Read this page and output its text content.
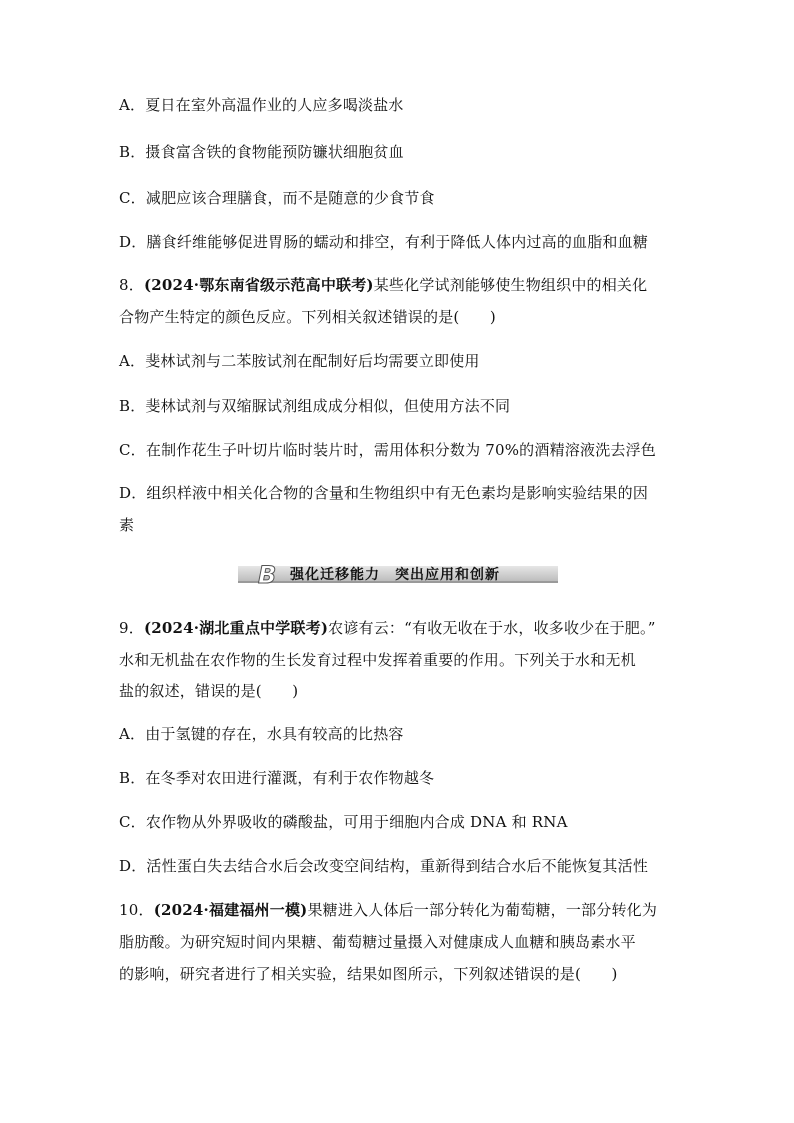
A．夏日在室外高温作业的人应多喝淡盐水
B．摄食富含铁的食物能预防镰状细胞贫血
C．减肥应该合理膳食，而不是随意的少食节食
D．膳食纤维能够促进胃肠的蠕动和排空，有利于降低人体内过高的血脂和血糖
8．(2024·鄂东南省级示范高中联考)某些化学试剂能够使生物组织中的相关化
合物产生特定的颜色反应。下列相关叙述错误的是(　　)
A．斐林试剂与二苯胺试剂在配制好后均需要立即使用
B．斐林试剂与双缩脲试剂组成成分相似，但使用方法不同
C．在制作花生子叶切片临时装片时，需用体积分数为 70%的酒精溶液洗去浮色
D．组织样液中相关化合物的含量和生物组织中有无色素均是影响实验结果的因
素
B 强化迁移能力　突出应用和创新
9．(2024·湖北重点中学联考)农谚有云：“有收无收在于水，收多收少在于肥。”
水和无机盐在农作物的生长发育过程中发挥着重要的作用。下列关于水和无机
盐的叙述，错误的是(　　)
A．由于氢键的存在，水具有较高的比热容
B．在冬季对农田进行灌溉，有利于农作物越冬
C．农作物从外界吸收的磷酸盐，可用于细胞内合成 DNA 和 RNA
D．活性蛋白失去结合水后会改变空间结构，重新得到结合水后不能恢复其活性
10．(2024·福建福州一模)果糖进入人体后一部分转化为葡萄糖，一部分转化为
脂肪酸。为研究短时间内果糖、葡萄糖过量摄入对健康成人血糖和胰岛素水平
的影响，研究者进行了相关实验，结果如图所示，下列叙述错误的是(　　)
